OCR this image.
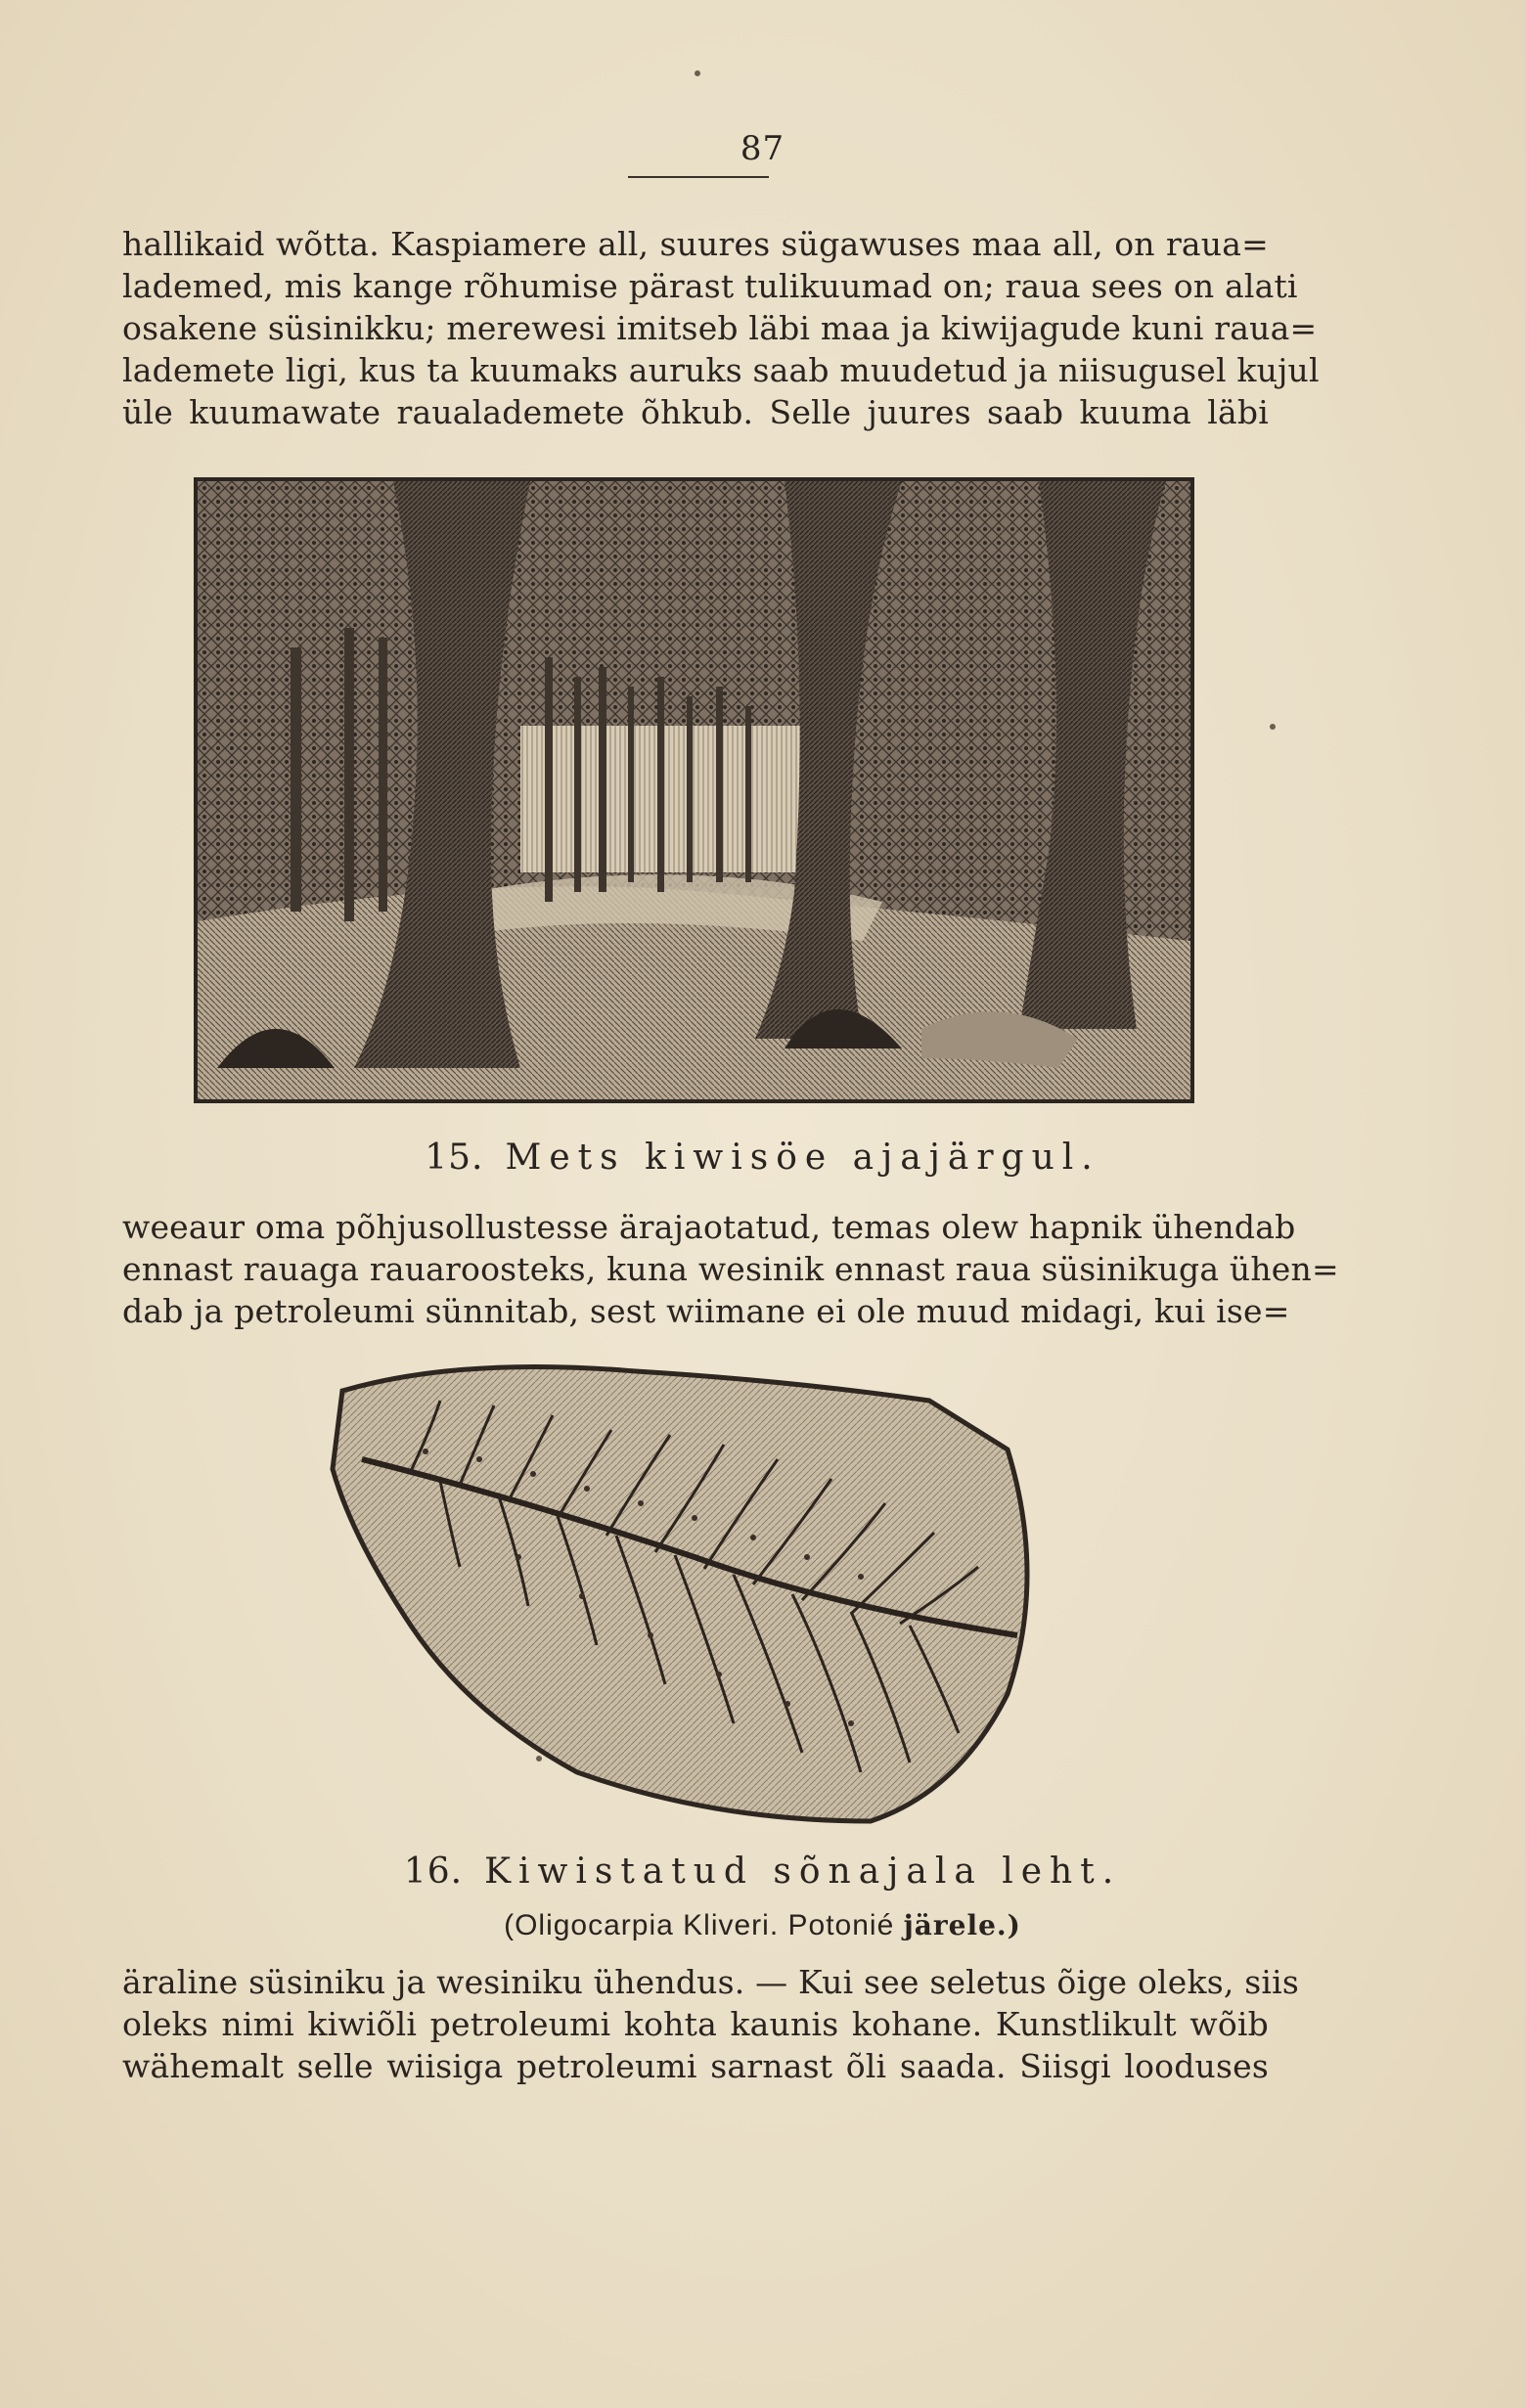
87
hallikaid wõtta. Kaspiamere all, suures sügawuses maa all, on raua=
lademed, mis kange rõhumise pärast tulikuumad on; raua sees on alati
osakene süsinikku; merewesi imitseb läbi maa ja kiwijagude kuni raua=
lademete ligi, kus ta kuumaks auruks saab muudetud ja niisugusel kujul
üle kuumawate raualademete õhkub. Selle juures saab kuuma läbi
15. Mets kiwisöe ajajärgul.
weeaur oma põhjusollustesse ärajaotatud, temas olew hapnik ühendab
ennast rauaga rauaroosteks, kuna wesinik ennast raua süsinikuga ühen=
dab ja petroleumi sünnitab, sest wiimane ei ole muud midagi, kui ise=
16. Kiwistatud sõnajala leht.
(Oligocarpia Kliveri. Potonié järele.)
äraline süsiniku ja wesiniku ühendus. — Kui see seletus õige oleks, siis
oleks nimi kiwiõli petroleumi kohta kaunis kohane. Kunstlikult wõib
wähemalt selle wiisiga petroleumi sarnast õli saada. Siisgi looduses
